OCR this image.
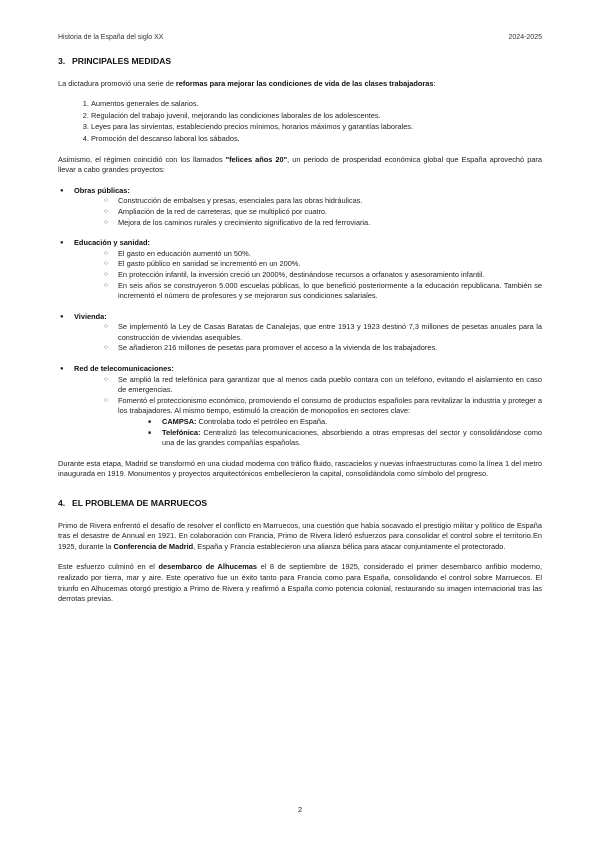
Historia de la España del siglo XX	2024-2025
3. PRINCIPALES MEDIDAS

La dictadura promovió una serie de reformas para mejorar las condiciones de vida de las clases trabajadoras:

1. Aumentos generales de salarios.
2. Regulación del trabajo juvenil, mejorando las condiciones laborales de los adolescentes.
3. Leyes para las sirvientas, estableciendo precios mínimos, horarios máximos y garantías laborales.
4. Promoción del descanso laboral los sábados.

Asimismo, el régimen coincidió con los llamados "felices años 20", un periodo de prosperidad económica global que España aprovechó para llevar a cabo grandes proyectos:

● Obras públicas:
○ Construcción de embalses y presas, esenciales para las obras hidráulicas.
○ Ampliación de la red de carreteras, que se multiplicó por cuatro.
○ Mejora de los caminos rurales y crecimiento significativo de la red ferroviaria.
● Educación y sanidad:
○ El gasto en educación aumentó un 50%.
○ El gasto público en sanidad se incrementó en un 200%.
○ En protección infantil, la inversión creció un 2000%, destinándose recursos a orfanatos y asesoramiento infantil.
○ En seis años se construyeron 5.000 escuelas públicas, lo que benefició posteriormente a la educación republicana. También se incrementó el número de profesores y se mejoraron sus condiciones salariales.
● Vivienda:
○ Se implementó la Ley de Casas Baratas de Canalejas, que entre 1913 y 1923 destinó 7,3 millones de pesetas anuales para la construcción de viviendas asequibles.
○ Se añadieron 216 millones de pesetas para promover el acceso a la vivienda de los trabajadores.
● Red de telecomunicaciones:
○ Se amplió la red telefónica para garantizar que al menos cada pueblo contara con un teléfono, evitando el aislamiento en caso de emergencias.
○ Fomentó el proteccionismo económico, promoviendo el consumo de productos españoles para revitalizar la industria y proteger a los trabajadores. Al mismo tiempo, estimuló la creación de monopolios en sectores clave:
■ CAMPSA: Controlaba todo el petróleo en España.
■ Telefónica: Centralizó las telecomunicaciones, absorbiendo a otras empresas del sector y consolidándose como una de las grandes compañías españolas.

Durante esta etapa, Madrid se transformó en una ciudad moderna con tráfico fluido, rascacielos y nuevas infraestructuras como la línea 1 del metro inaugurada en 1919. Monumentos y proyectos arquitectónicos embellecieron la capital, consolidándola como símbolo del progreso.

4. EL PROBLEMA DE MARRUECOS

Primo de Rivera enfrentó el desafío de resolver el conflicto en Marruecos, una cuestión que había socavado el prestigio militar y político de España tras el desastre de Annual en 1921. En colaboración con Francia, Primo de Rivera lideró esfuerzos para consolidar el control sobre el territorio.En 1925, durante la Conferencia de Madrid, España y Francia establecieron una alianza bélica para atacar conjuntamente el protectorado.

Este esfuerzo culminó en el desembarco de Alhucemas el 8 de septiembre de 1925, considerado el primer desembarco anfibio moderno, realizado por tierra, mar y aire. Este operativo fue un éxito tanto para Francia como para España, consolidando el control sobre Marruecos. El triunfo en Alhucemas otorgó prestigio a Primo de Rivera y reafirmó a España como potencia colonial, restaurando su imagen internacional tras las derrotas previas.

2
